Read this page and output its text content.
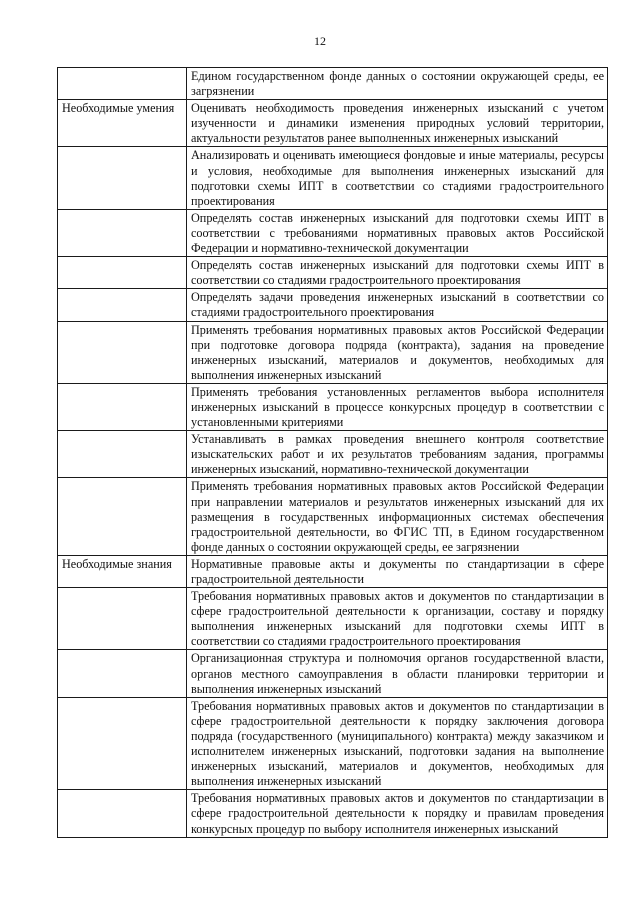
12
	Едином государственном фонде данных о состоянии окружающей среды, ее загрязнении
Необходимые умения	Оценивать необходимость проведения инженерных изысканий с учетом изученности и динамики изменения природных условий территории, актуальности результатов ранее выполненных инженерных изысканий
	Анализировать и оценивать имеющиеся фондовые и иные материалы, ресурсы и условия, необходимые для выполнения инженерных изысканий для подготовки схемы ИПТ в соответствии со стадиями градостроительного проектирования
	Определять состав инженерных изысканий для подготовки схемы ИПТ в соответствии с требованиями нормативных правовых актов Российской Федерации и нормативно-технической документации
	Определять состав инженерных изысканий для подготовки схемы ИПТ в соответствии со стадиями градостроительного проектирования
	Определять задачи проведения инженерных изысканий в соответствии со стадиями градостроительного проектирования
	Применять требования нормативных правовых актов Российской Федерации при подготовке договора подряда (контракта), задания на проведение инженерных изысканий, материалов и документов, необходимых для выполнения инженерных изысканий
	Применять требования установленных регламентов выбора исполнителя инженерных изысканий в процессе конкурсных процедур в соответствии с установленными критериями
	Устанавливать в рамках проведения внешнего контроля соответствие изыскательских работ и их результатов требованиям задания, программы инженерных изысканий, нормативно-технической документации
	Применять требования нормативных правовых актов Российской Федерации при направлении материалов и результатов инженерных изысканий для их размещения в государственных информационных системах обеспечения градостроительной деятельности, во ФГИС ТП, в Едином государственном фонде данных о состоянии окружающей среды, ее загрязнении
Необходимые знания	Нормативные правовые акты и документы по стандартизации в сфере градостроительной деятельности
	Требования нормативных правовых актов и документов по стандартизации в сфере градостроительной деятельности к организации, составу и порядку выполнения инженерных изысканий для подготовки схемы ИПТ в соответствии со стадиями градостроительного проектирования
	Организационная структура и полномочия органов государственной власти, органов местного самоуправления в области планировки территории и выполнения инженерных изысканий
	Требования нормативных правовых актов и документов по стандартизации в сфере градостроительной деятельности к порядку заключения договора подряда (государственного (муниципального) контракта) между заказчиком и исполнителем инженерных изысканий, подготовки задания на выполнение инженерных изысканий, материалов и документов, необходимых для выполнения инженерных изысканий
	Требования нормативных правовых актов и документов по стандартизации в сфере градостроительной деятельности к порядку и правилам проведения конкурсных процедур по выбору исполнителя инженерных изысканий
